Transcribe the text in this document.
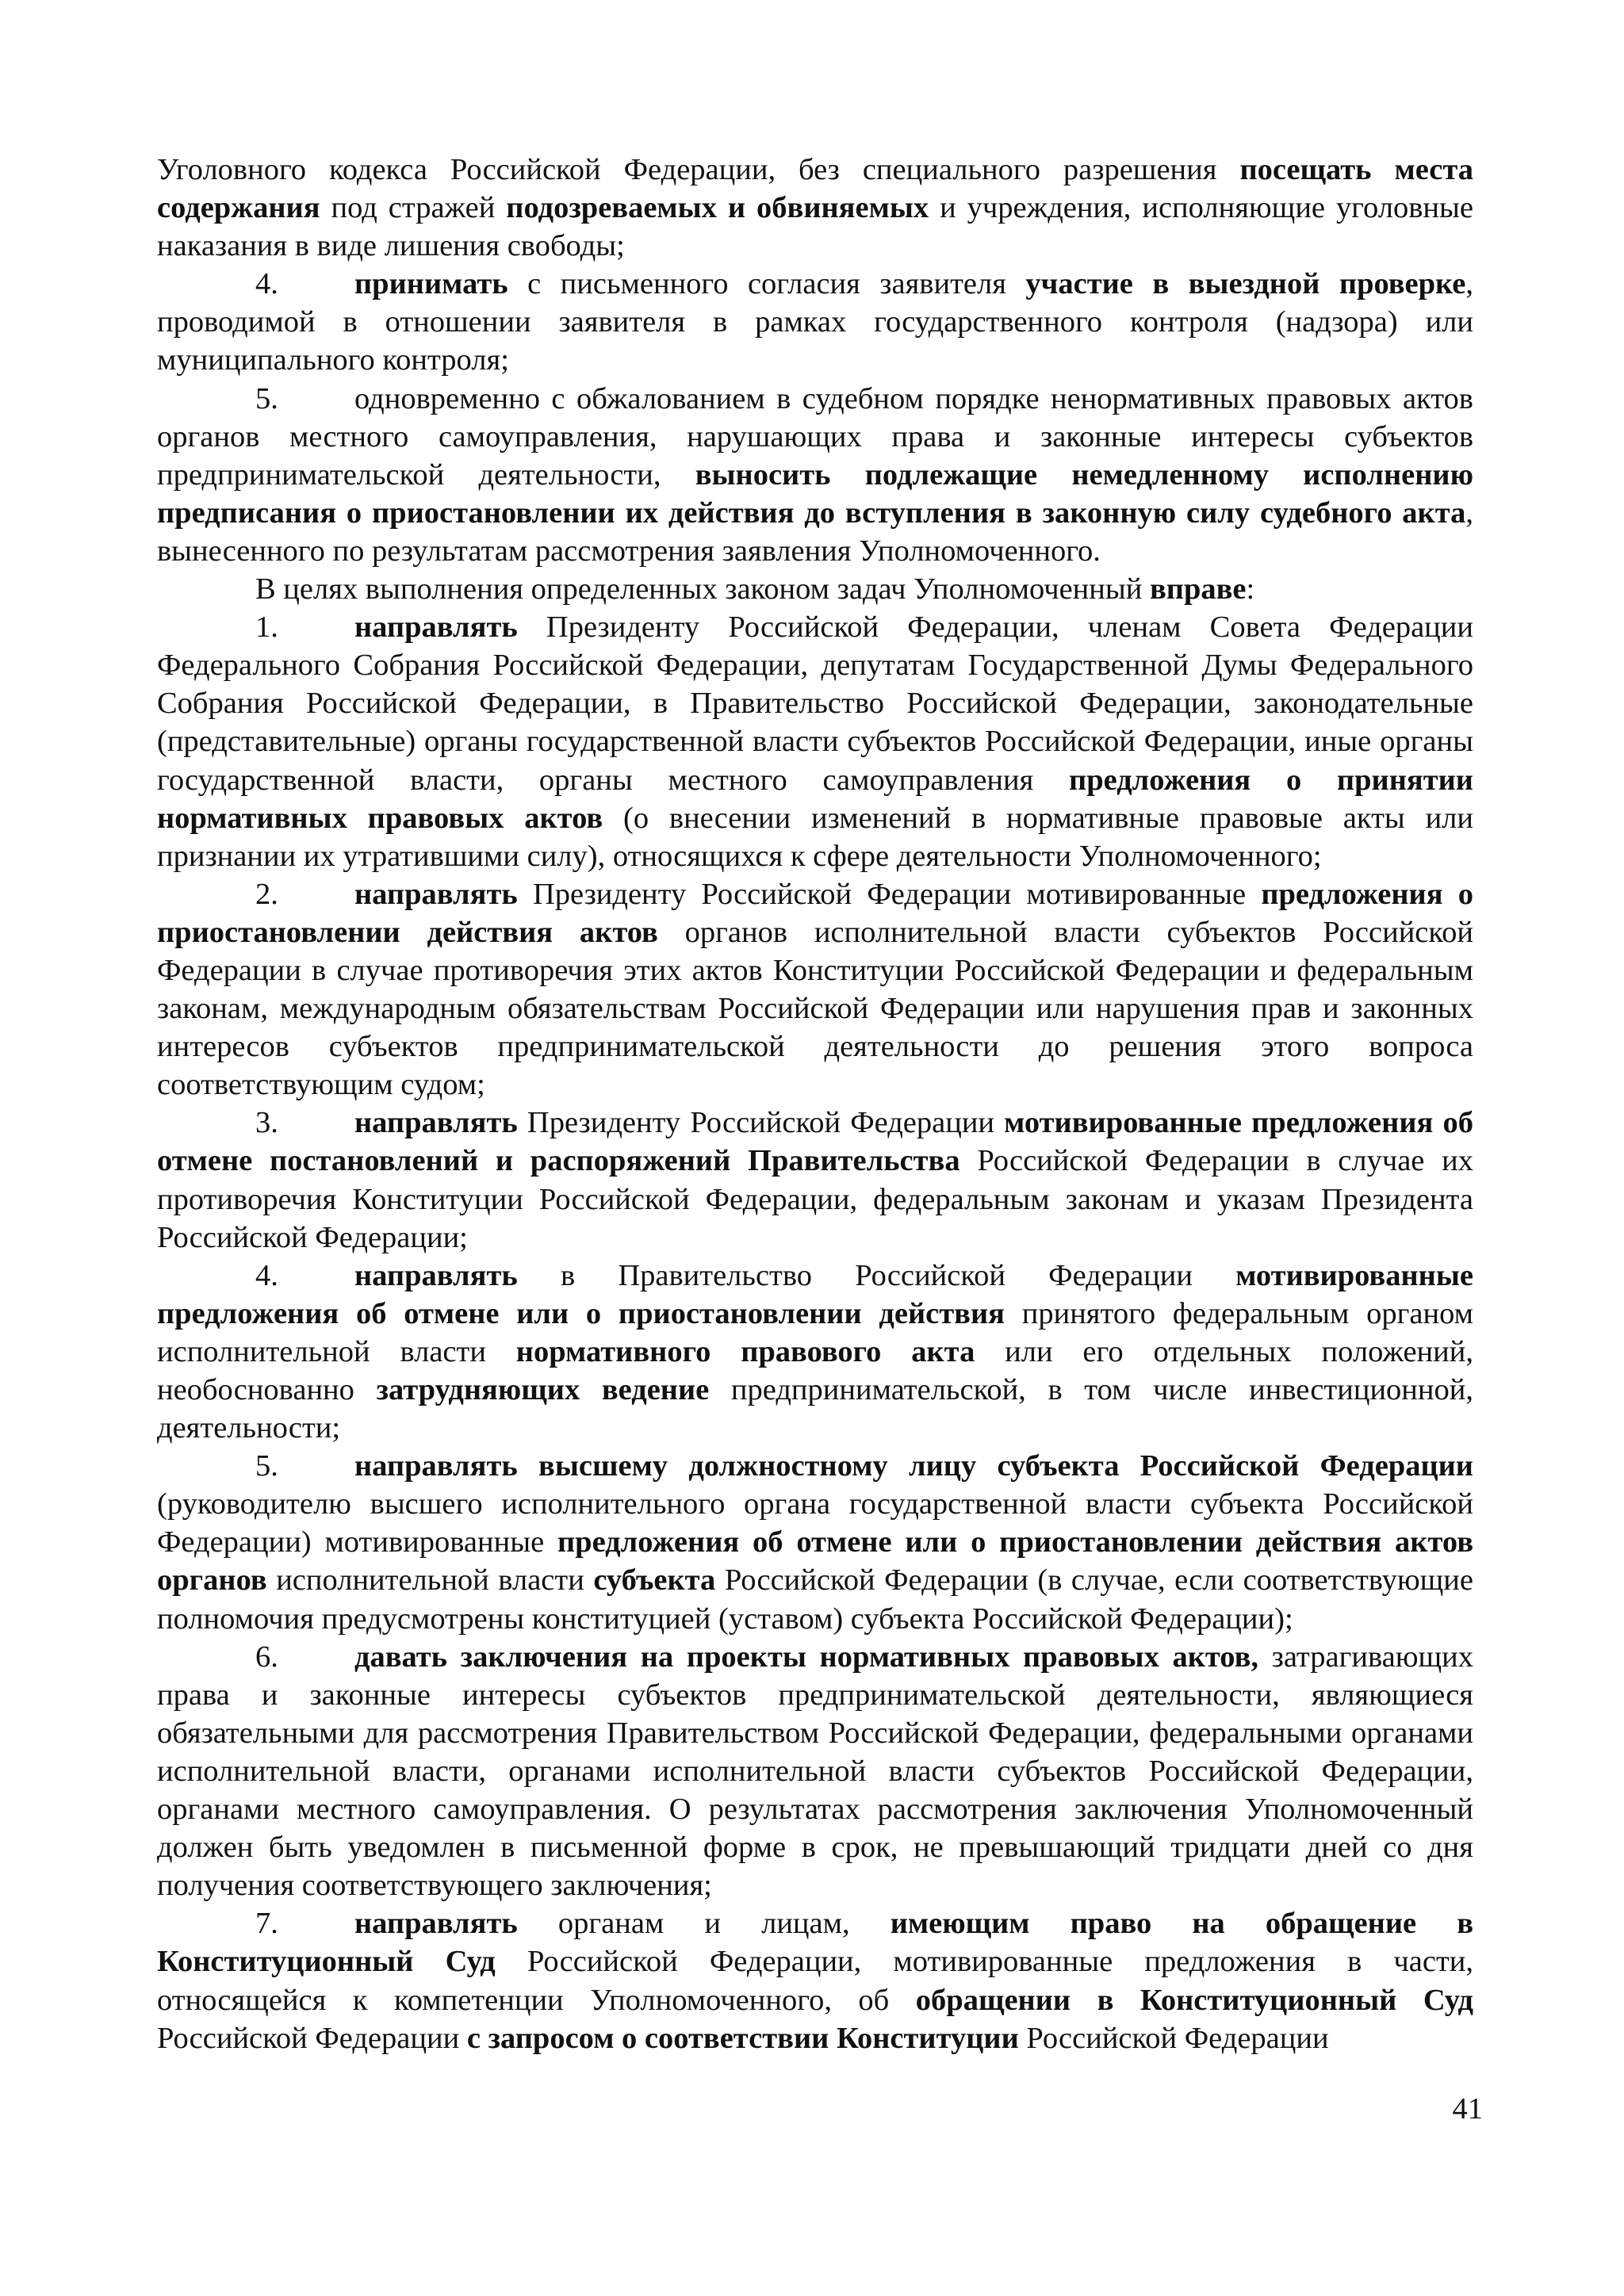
Уголовного кодекса Российской Федерации, без специального разрешения посещать места содержания под стражей подозреваемых и обвиняемых и учреждения, исполняющие уголовные наказания в виде лишения свободы;

4. принимать с письменного согласия заявителя участие в выездной проверке, проводимой в отношении заявителя в рамках государственного контроля (надзора) или муниципального контроля;

5. одновременно с обжалованием в судебном порядке ненормативных правовых актов органов местного самоуправления, нарушающих права и законные интересы субъектов предпринимательской деятельности, выносить подлежащие немедленному исполнению предписания о приостановлении их действия до вступления в законную силу судебного акта, вынесенного по результатам рассмотрения заявления Уполномоченного.

В целях выполнения определенных законом задач Уполномоченный вправе:

1. направлять Президенту Российской Федерации, членам Совета Федерации Федерального Собрания Российской Федерации, депутатам Государственной Думы Федерального Собрания Российской Федерации, в Правительство Российской Федерации, законодательные (представительные) органы государственной власти субъектов Российской Федерации, иные органы государственной власти, органы местного самоуправления предложения о принятии нормативных правовых актов (о внесении изменений в нормативные правовые акты или признании их утратившими силу), относящихся к сфере деятельности Уполномоченного;

2. направлять Президенту Российской Федерации мотивированные предложения о приостановлении действия актов органов исполнительной власти субъектов Российской Федерации в случае противоречия этих актов Конституции Российской Федерации и федеральным законам, международным обязательствам Российской Федерации или нарушения прав и законных интересов субъектов предпринимательской деятельности до решения этого вопроса соответствующим судом;

3. направлять Президенту Российской Федерации мотивированные предложения об отмене постановлений и распоряжений Правительства Российской Федерации в случае их противоречия Конституции Российской Федерации, федеральным законам и указам Президента Российской Федерации;

4. направлять в Правительство Российской Федерации мотивированные предложения об отмене или о приостановлении действия принятого федеральным органом исполнительной власти нормативного правового акта или его отдельных положений, необоснованно затрудняющих ведение предпринимательской, в том числе инвестиционной, деятельности;

5. направлять высшему должностному лицу субъекта Российской Федерации (руководителю высшего исполнительного органа государственной власти субъекта Российской Федерации) мотивированные предложения об отмене или о приостановлении действия актов органов исполнительной власти субъекта Российской Федерации (в случае, если соответствующие полномочия предусмотрены конституцией (уставом) субъекта Российской Федерации);

6. давать заключения на проекты нормативных правовых актов, затрагивающих права и законные интересы субъектов предпринимательской деятельности, являющиеся обязательными для рассмотрения Правительством Российской Федерации, федеральными органами исполнительной власти, органами исполнительной власти субъектов Российской Федерации, органами местного самоуправления. О результатах рассмотрения заключения Уполномоченный должен быть уведомлен в письменной форме в срок, не превышающий тридцати дней со дня получения соответствующего заключения;

7. направлять органам и лицам, имеющим право на обращение в Конституционный Суд Российской Федерации, мотивированные предложения в части, относящейся к компетенции Уполномоченного, об обращении в Конституционный Суд Российской Федерации с запросом о соответствии Конституции Российской Федерации

41
